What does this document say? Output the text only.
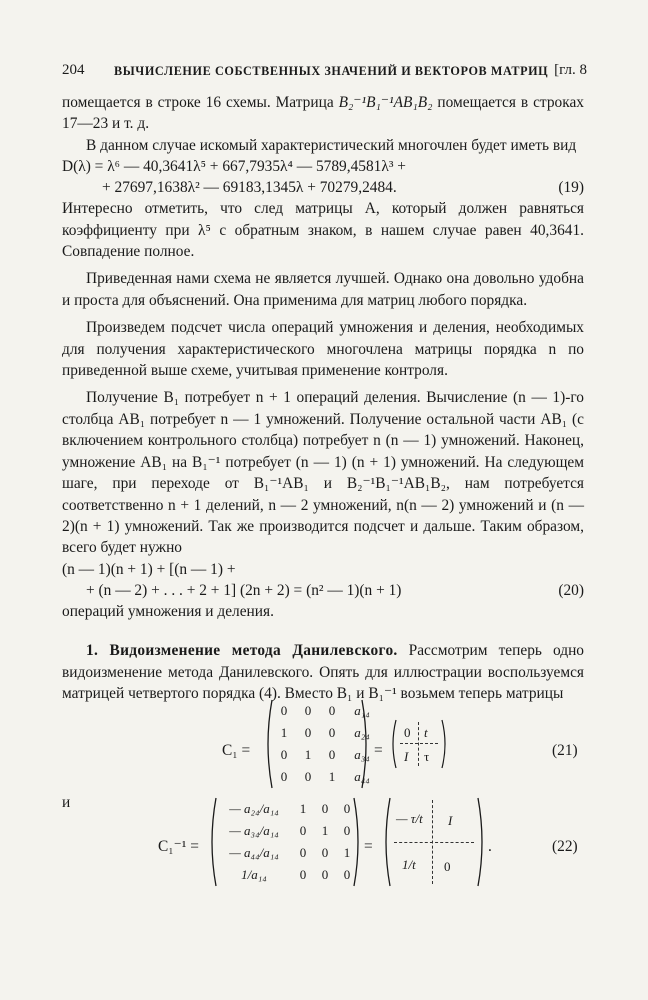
204 ВЫЧИСЛЕНИЕ СОБСТВЕННЫХ ЗНАЧЕНИЙ И ВЕКТОРОВ МАТРИЦ [гл. 8

помещается в строке 16 схемы. Матрица B₂⁻¹B₁⁻¹AB₁B₂ помещается в строках 17—23 и т. д.

В данном случае искомый характеристический многочлен будет иметь вид

D(λ) = λ⁶ — 40,3641λ⁵ + 667,7935λ⁴ — 5789,4581λ³ +
+ 27697,1638λ² — 69183,1345λ + 70279,2484.	(19)

Интересно отметить, что след матрицы A, который должен равняться коэффициенту при λ⁵ с обратным знаком, в нашем случае равен 40,3641. Совпадение полное.

Приведенная нами схема не является лучшей. Однако она довольно удобна и проста для объяснений. Она применима для матриц любого порядка.

Произведем подсчет числа операций умножения и деления, необходимых для получения характеристического многочлена матрицы порядка n по приведенной выше схеме, учитывая применение контроля.

Получение B₁ потребует n + 1 операций деления. Вычисление (n — 1)-го столбца AB₁ потребует n — 1 умножений. Получение остальной части AB₁ (с включением контрольного столбца) потребует n (n — 1) умножений. Наконец, умножение AB₁ на B₁⁻¹ потребует (n — 1) (n + 1) умножений. На следующем шаге, при переходе от B₁⁻¹AB₁ и B₂⁻¹B₁⁻¹AB₁B₂, нам потребуется соответственно n + 1 делений, n — 2 умножений, n(n — 2) умножений и (n — 2)(n + 1) умножений. Так же производится подсчет и дальше. Таким образом, всего будет нужно

(n — 1)(n + 1) + [(n — 1) +
+ (n — 2) + . . . + 2 + 1] (2n + 2) = (n² — 1)(n + 1)	(20)

операций умножения и деления.

1. Видоизменение метода Данилевского. Рассмотрим теперь одно видоизменение метода Данилевского. Опять для иллюстрации воспользуемся матрицей четвертого порядка (4). Вместо B₁ и B₁⁻¹ возьмем теперь матрицы

C₁ =
0	0	0	a₁₄
1	0	0	a₂₄
0	1	0	a₃₄
0	0	1	a₄₄
=
0 t
I τ	(21)
и
C₁⁻¹ =
— a₂₄/a₁₄	1	0	0
— a₃₄/a₁₄	0	1	0
— a₄₄/a₁₄	0	0	1
1/a₁₄	0	0	0
=
— τ/t I
1/t 0
.	(22)
